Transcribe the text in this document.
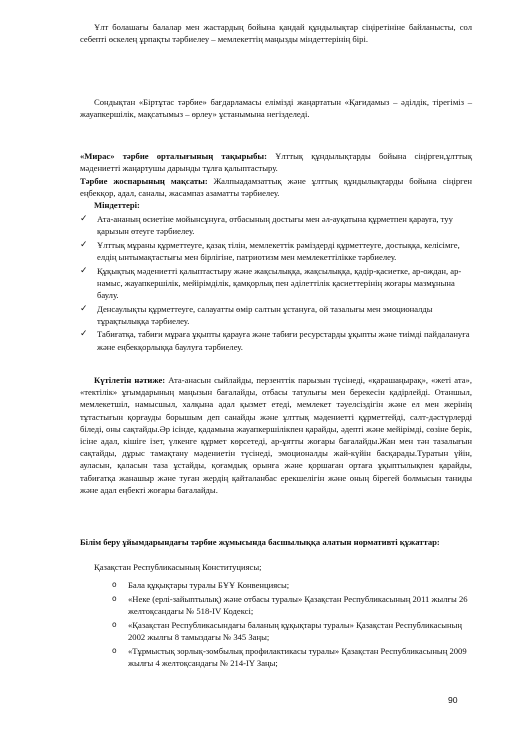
Ұлт болашағы балалар мен жастардың бойына қандай құндылықтар сіңіретініне байланысты, сол себепті өскелең ұрпақты тәрбиелеу – мемлекеттің маңызды міндеттерінің бірі.
Сондықтан «Біртұтас тәрбие» бағдарламасы елімізді жаңартатын «Қағидамыз – әділдік, тірегіміз – жауапкершілік, мақсатымыз – өрлеу» ұстанымына негізделеді.
«Мирас» тәрбие орталығының тақырыбы: Ұлттық құндылықтарды бойына сіңірген,ұлттық мәдениетті жаңартушы дарынды тұлға қалыптастыру.
Тәрбие жоспарының мақсаты: Жалпыадамзаттық және ұлттық құндылықтарды бойына сіңірген еңбекқор, адал, саналы, жасампаз азаматты тәрбиелеу.
Міндеттері:
✓ Ата-ананың өсиетіне мойынсұнуға, отбасының достығы мен әл-ауқатына құрметпен қарауға, туу қарызын өтеуге тәрбиелеу.
✓ Ұлттық мұраны құрметтеуге, қазақ тілін, мемлекеттік рәміздерді құрметтеуге, достыққа, келісімге, елдің ынтымақтастығы мен бірлігіне, патриотизм мен мемлекеттілікке тәрбиелеу.
✓ Құқықтық мәдениетті қалыптастыру және жақсылыққа, жақсылыққа, қадір-қасиетке, ар-ождан, ар-намыс, жауапкершілік, мейірімділік, қамқорлық пен әділеттілік қасиеттерінің жоғары мазмұнына баулу.
✓ Денсаулықты құрметтеуге, салауатты өмір салтын ұстануға, ой тазалығы мен эмоционалды тұрақтылыққа тәрбиелеу.
✓ Табиғатқа, табиғи мұраға ұқыпты қарауға және табиғи ресурстарды ұқыпты және тиімді пайдалануға және еңбекқорлыққа баулуға тәрбиелеу.
Күтілетін нәтиже: Ата-анасын сыйлайды, перзенттік парызын түсінеді, «қарашаңырақ», «жеті ата», «тектілік» ұғымдарының маңызын бағалайды, отбасы татулығы мен берекесін қадірлейді. Отаншыл, мемлекетшіл, намысшыл, халқына адал қызмет етеді, мемлекет тәуелсіздігін және ел мен жерінің тұтастығын қорғауды борышым деп санайды және ұлттық мәдениетті құрметтейді, салт-дәстүрлерді біледі, оны сақтайды.Әр ісінде, қадамына жауапкершілікпен қарайды, әдепті және мейірімді, сөзіне берік, ісіне адал, кішіге ізет, үлкенге құрмет көрсетеді, ар-ұятты жоғары бағалайды.Жан мен тән тазалығын сақтайды, дұрыс тамақтану мәдениетін түсінеді, эмоционалды жай-күйін басқарады.Туратын үйін, ауласын, қаласын таза ұстайды, қоғамдық орынға және қоршаған ортаға ұқыптылықпен қарайды, табиғатқа жанашыр және туған жердің қайталанбас ерекшелігін және оның бірегей болмысын таниды және адал еңбекті жоғары бағалайды.
Білім беру ұйымдарындағы тәрбие жұмысында басшылыққа алатын нормативті құжаттар:
Қазақстан Республикасының Конституциясы;
o Бала құқықтары туралы БҰҰ Конвенциясы;
o «Неке (ерлі-зайыптылық) және отбасы туралы» Қазақстан Республикасының 2011 жылғы 26 желтоқсандағы № 518-ІV Кодексі;
o «Қазақстан Республикасындағы баланың құқықтары туралы» Қазақстан Республикасының 2002 жылғы 8 тамыздағы № 345 Заңы;
o «Тұрмыстық зорлық-зомбылық профилактикасы туралы» Қазақстан Республикасының 2009 жылғы 4 желтоқсандағы № 214-IY Заңы;
90
